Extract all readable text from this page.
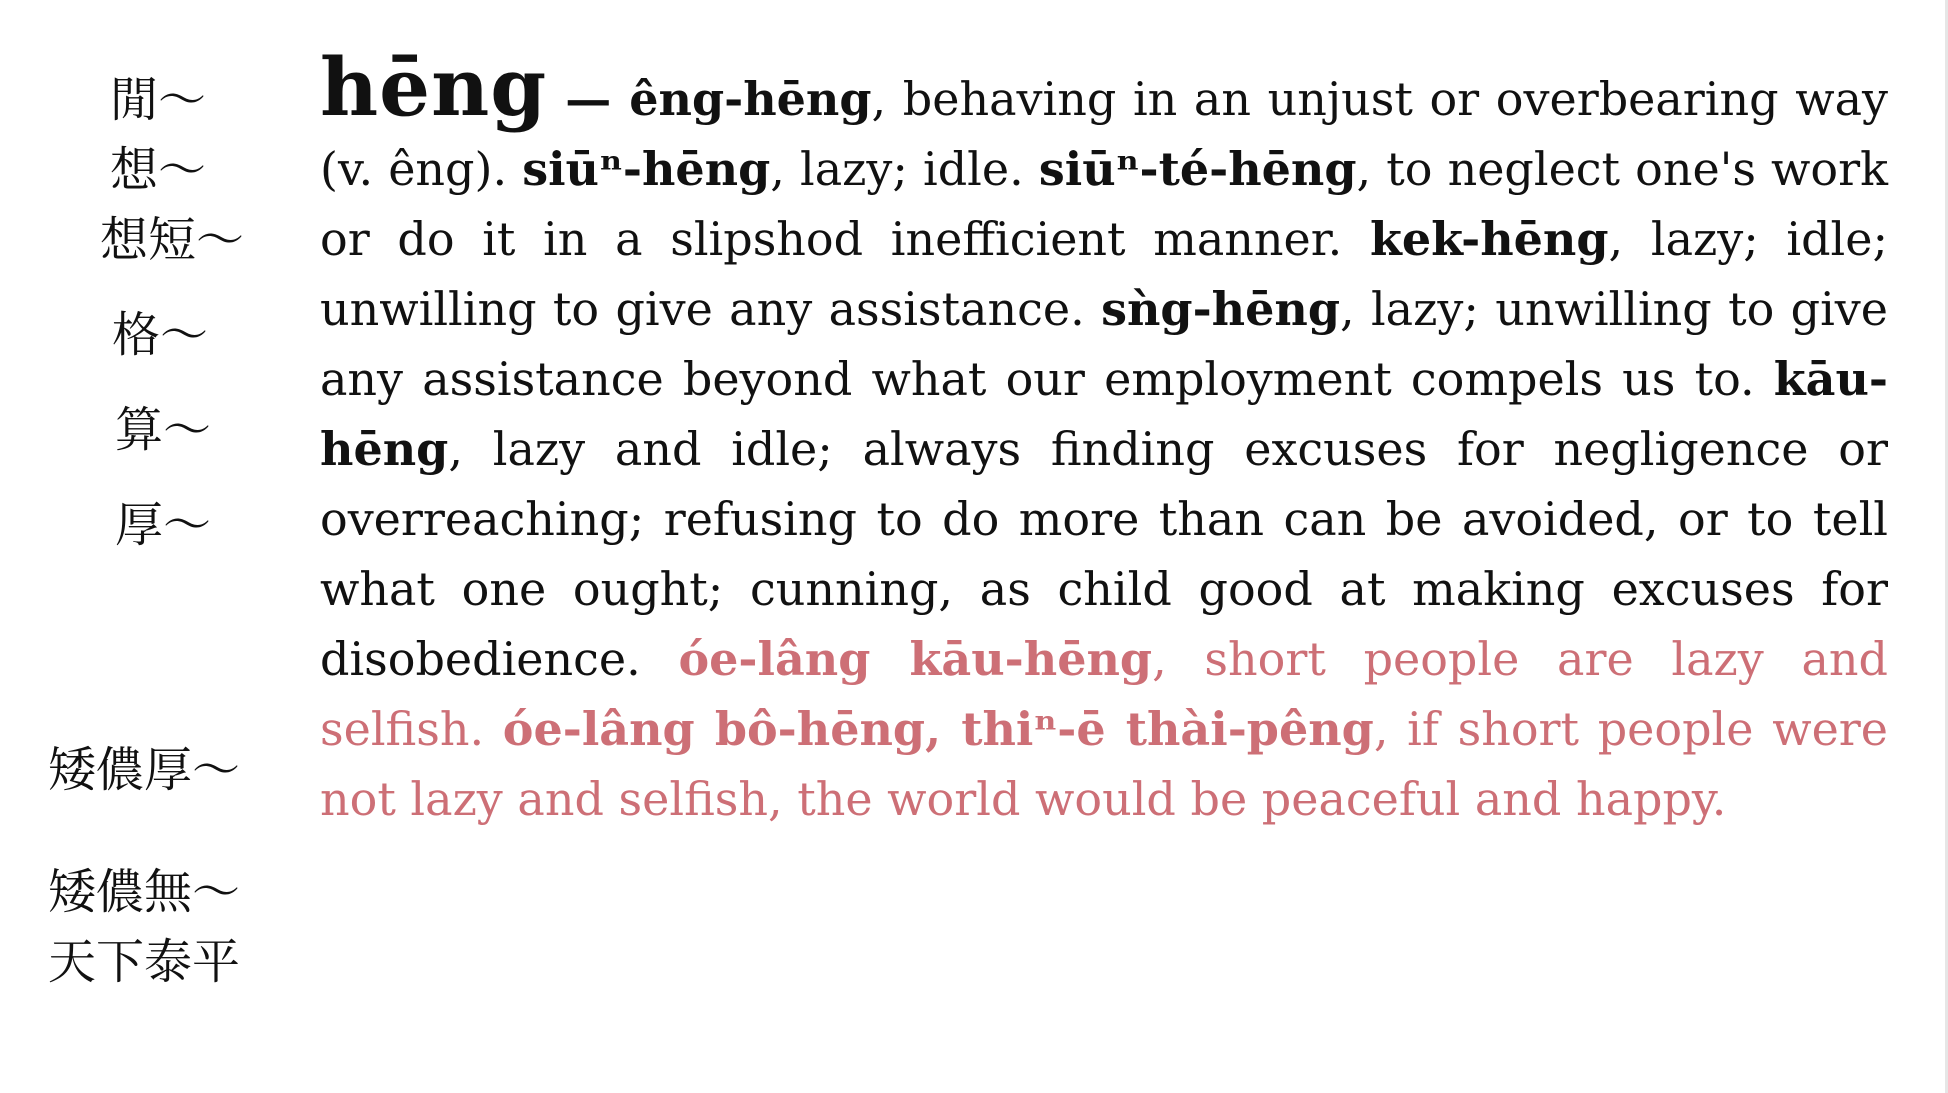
閒～
想～
想短～
格～
算～
厚～
矮儂厚～
矮儂無～
天下泰平
hēng — êng-hēng, behaving in an unjust or overbearing way (v. êng). siūⁿ-hēng, lazy; idle. siūⁿ-té-hēng, to neglect one's work or do it in a slipshod inefficient manner. kek-hēng, lazy; idle; unwilling to give any assistance. sǹg-hēng, lazy; unwilling to give any assistance beyond what our employment compels us to. kāu-hēng, lazy and idle; always finding excuses for negligence or overreaching; refusing to do more than can be avoided, or to tell what one ought; cunning, as child good at making excuses for disobedience. óe-lâng kāu-hēng, short people are lazy and selfish. óe-lâng bô-hēng, thiⁿ-ē thài-pêng, if short people were not lazy and selfish, the world would be peaceful and happy.
